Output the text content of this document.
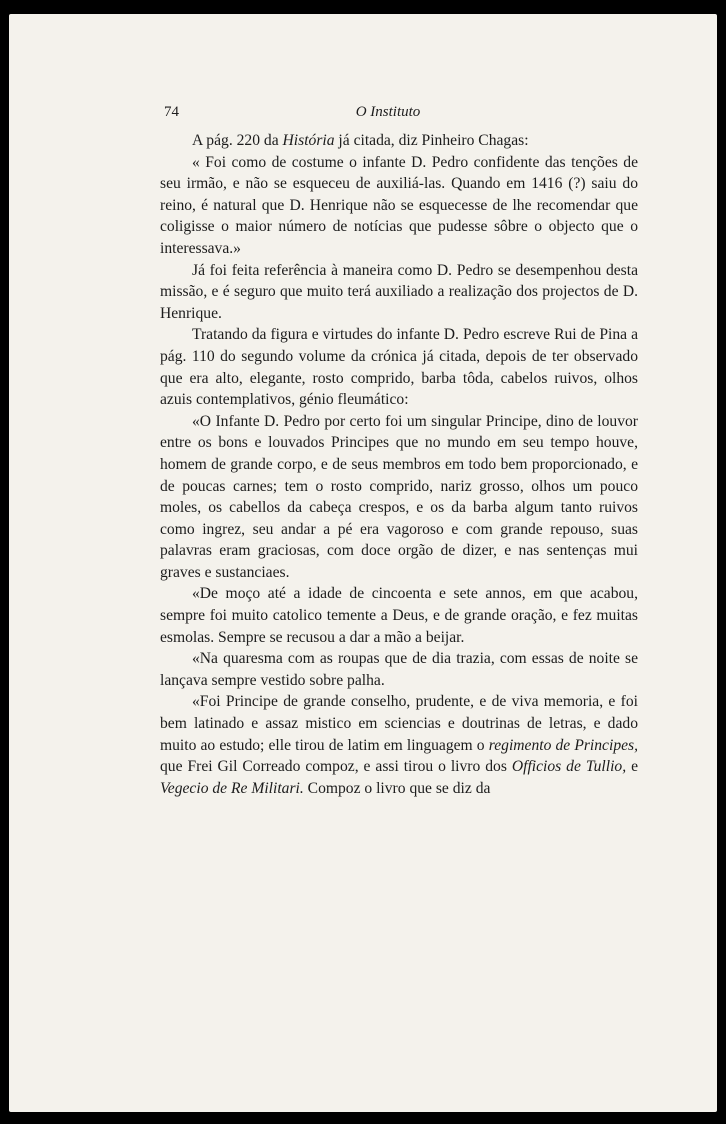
74	O Instituto

A pág. 220 da História já citada, diz Pinheiro Chagas:

« Foi como de costume o infante D. Pedro confidente das tenções de seu irmão, e não se esqueceu de auxiliá-las. Quando em 1416 (?) saiu do reino, é natural que D. Henrique não se esquecesse de lhe recomendar que coligisse o maior número de notícias que pudesse sôbre o objecto que o interessava.»

Já foi feita referência à maneira como D. Pedro se desempenhou desta missão, e é seguro que muito terá auxiliado a realização dos projectos de D. Henrique.

Tratando da figura e virtudes do infante D. Pedro escreve Rui de Pina a pág. 110 do segundo volume da crónica já citada, depois de ter observado que era alto, elegante, rosto comprido, barba tôda, cabelos ruivos, olhos azuis contemplativos, génio fleumático:

«O Infante D. Pedro por certo foi um singular Principe, dino de louvor entre os bons e louvados Principes que no mundo em seu tempo houve, homem de grande corpo, e de seus membros em todo bem proporcionado, e de poucas carnes; tem o rosto comprido, nariz grosso, olhos um pouco moles, os cabellos da cabeça crespos, e os da barba algum tanto ruivos como ingrez, seu andar a pé era vagoroso e com grande repouso, suas palavras eram graciosas, com doce orgão de dizer, e nas sentenças mui graves e sustanciaes.

«De moço até a idade de cincoenta e sete annos, em que acabou, sempre foi muito catolico temente a Deus, e de grande oração, e fez muitas esmolas. Sempre se recusou a dar a mão a beijar.

«Na quaresma com as roupas que de dia trazia, com essas de noite se lançava sempre vestido sobre palha.

«Foi Principe de grande conselho, prudente, e de viva memoria, e foi bem latinado e assaz mistico em sciencias e doutrinas de letras, e dado muito ao estudo; elle tirou de latim em linguagem o regimento de Principes, que Frei Gil Correado compoz, e assi tirou o livro dos Officios de Tullio, e Vegecio de Re Militari. Compoz o livro que se diz da
